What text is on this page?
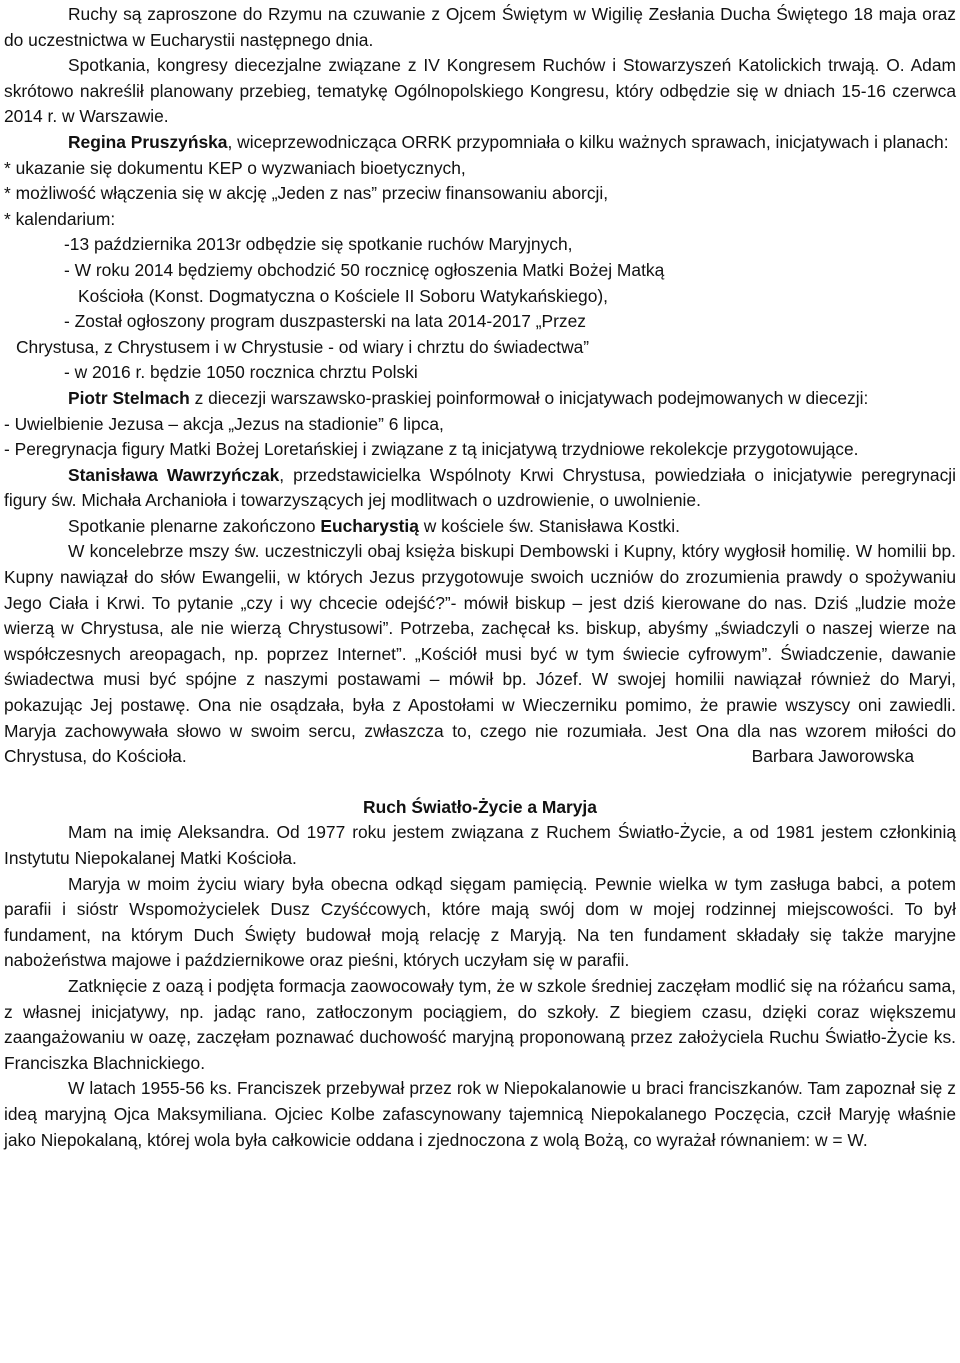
Ruchy są zaproszone do Rzymu na czuwanie z Ojcem Świętym w Wigilię Zesłania Ducha Świętego 18 maja oraz do uczestnictwa w Eucharystii następnego dnia.

Spotkania, kongresy diecezjalne związane z IV Kongresem Ruchów i Stowarzyszeń Katolickich trwają. O. Adam skrótowo nakreślił planowany przebieg, tematykę Ogólnopolskiego Kongresu, który odbędzie się w dniach 15-16 czerwca 2014 r. w Warszawie.

Regina Pruszyńska, wiceprzewodnicząca ORRK przypomniała o kilku ważnych sprawach, inicjatywach i planach:

* ukazanie się dokumentu KEP o wyzwaniach bioetycznych,
* możliwość włączenia się w akcję „Jeden z nas” przeciw finansowaniu aborcji,
* kalendarium:
-13 października 2013r odbędzie się spotkanie ruchów Maryjnych,
- W roku 2014 będziemy obchodzić 50 rocznicę ogłoszenia Matki Bożej Matką
Kościoła (Konst. Dogmatyczna o Kościele II Soboru Watykańskiego),
- Został ogłoszony program duszpasterski na lata 2014-2017 „Przez
Chrystusa, z Chrystusem i w Chrystusie - od wiary i chrztu do świadectwa”
- w 2016 r. będzie 1050 rocznica chrztu Polski

Piotr Stelmach z diecezji warszawsko-praskiej poinformował o inicjatywach podejmowanych w diecezji:

- Uwielbienie Jezusa – akcja „Jezus na stadionie” 6 lipca,

- Peregrynacja figury Matki Bożej Loretańskiej i związane z tą inicjatywą trzydniowe rekolekcje przygotowujące.

Stanisława Wawrzyńczak, przedstawicielka Wspólnoty Krwi Chrystusa, powiedziała o inicjatywie peregrynacji figury św. Michała Archanioła i towarzyszących jej modlitwach o uzdrowienie, o uwolnienie.

Spotkanie plenarne zakończono Eucharystią w kościele św. Stanisława Kostki.

W koncelebrze mszy św. uczestniczyli obaj księża biskupi Dembowski i Kupny, który wygłosił homilię. W homilii bp. Kupny nawiązał do słów Ewangelii, w których Jezus przygotowuje swoich uczniów do zrozumienia prawdy o spożywaniu Jego Ciała i Krwi. To pytanie „czy i wy chcecie odejść?”- mówił biskup – jest dziś kierowane do nas. Dziś „ludzie może wierzą w Chrystusa, ale nie wierzą Chrystusowi”. Potrzeba, zachęcał ks. biskup, abyśmy „świadczyli o naszej wierze na współczesnych areopagach, np. poprzez Internet”. „Kościół musi być w tym świecie cyfrowym”. Świadczenie, dawanie świadectwa musi być spójne z naszymi postawami – mówił bp. Józef. W swojej homilii nawiązał również do Maryi, pokazując Jej postawę. Ona nie osądzała, była z Apostołami w Wieczerniku pomimo, że prawie wszyscy oni zawiedli. Maryja zachowywała słowo w swoim sercu, zwłaszcza to, czego nie rozumiała. Jest Ona dla nas wzorem miłości do Chrystusa, do Kościoła.	Barbara Jaworowska

Ruch Światło-Życie a Maryja

Mam na imię Aleksandra. Od 1977 roku jestem związana z Ruchem Światło-Życie, a od 1981 jestem członkinią Instytutu Niepokalanej Matki Kościoła.

Maryja w moim życiu wiary była obecna odkąd sięgam pamięcią. Pewnie wielka w tym zasługa babci, a potem parafii i sióstr Wspomożycielek Dusz Czyśćcowych, które mają swój dom w mojej rodzinnej miejscowości. To był fundament, na którym Duch Święty budował moją relację z Maryją. Na ten fundament składały się także maryjne nabożeństwa majowe i październikowe oraz pieśni, których uczyłam się w parafii.

Zatknięcie z oazą i podjęta formacja zaowocowały tym, że w szkole średniej zaczęłam modlić się na różańcu sama, z własnej inicjatywy, np. jadąc rano, zatłoczonym pociągiem, do szkoły. Z biegiem czasu, dzięki coraz większemu zaangażowaniu w oazę, zaczęłam poznawać duchowość maryjną proponowaną przez założyciela Ruchu Światło-Życie ks. Franciszka Blachnickiego.

W latach 1955-56 ks. Franciszek przebywał przez rok w Niepokalanowie u braci franciszkanów. Tam zapoznał się z ideą maryjną Ojca Maksymiliana. Ojciec Kolbe zafascynowany tajemnicą Niepokalanego Poczęcia, czcił Maryję właśnie jako Niepokalaną, której wola była całkowicie oddana i zjednoczona z wolą Bożą, co wyrażał równaniem: w = W.
